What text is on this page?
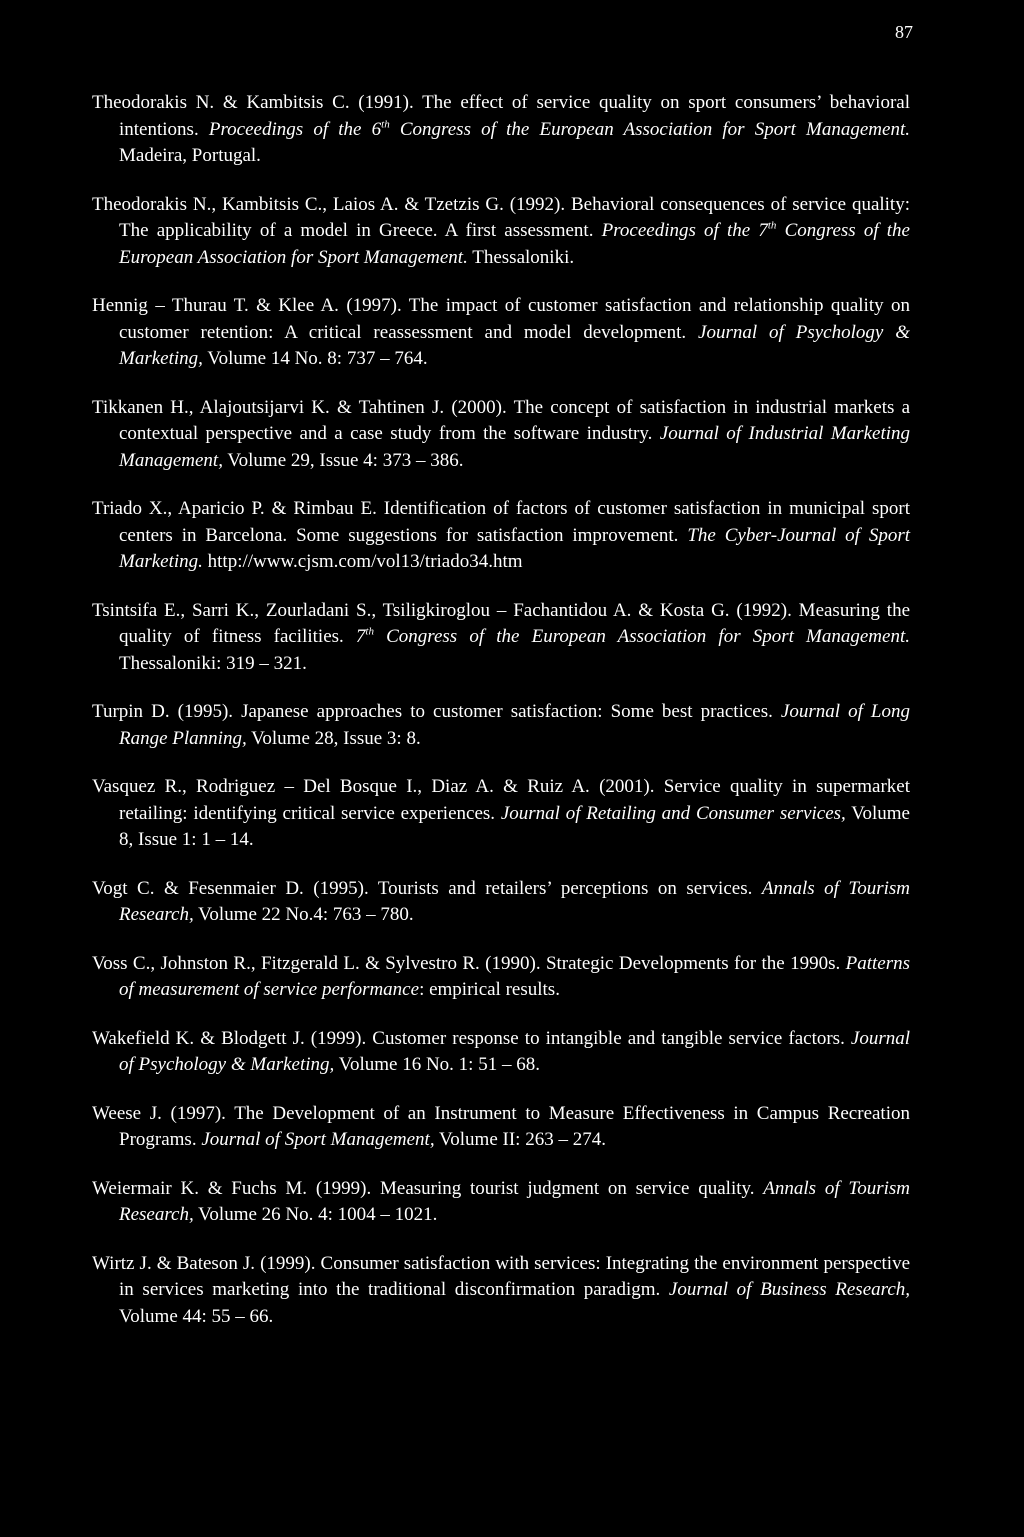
87

Theodorakis N. & Kambitsis C. (1991). The effect of service quality on sport consumers’ behavioral intentions. Proceedings of the 6th Congress of the European Association for Sport Management. Madeira, Portugal.

Theodorakis N., Kambitsis C., Laios A. & Tzetzis G. (1992). Behavioral consequences of service quality: The applicability of a model in Greece. A first assessment. Proceedings of the 7th Congress of the European Association for Sport Management. Thessaloniki.

Hennig – Thurau T. & Klee A. (1997). The impact of customer satisfaction and relationship quality on customer retention: A critical reassessment and model development. Journal of Psychology & Marketing, Volume 14 No. 8: 737 – 764.

Tikkanen H., Alajoutsijarvi K. & Tahtinen J. (2000). The concept of satisfaction in industrial markets a contextual perspective and a case study from the software industry. Journal of Industrial Marketing Management, Volume 29, Issue 4: 373 – 386.

Triado X., Aparicio P. & Rimbau E. Identification of factors of customer satisfaction in municipal sport centers in Barcelona. Some suggestions for satisfaction improvement. The Cyber-Journal of Sport Marketing. http://www.cjsm.com/vol13/triado34.htm

Tsintsifa E., Sarri K., Zourladani S., Tsiligkiroglou – Fachantidou A. & Kosta G. (1992). Measuring the quality of fitness facilities. 7th Congress of the European Association for Sport Management. Thessaloniki: 319 – 321.

Turpin D. (1995). Japanese approaches to customer satisfaction: Some best practices. Journal of Long Range Planning, Volume 28, Issue 3: 8.

Vasquez R., Rodriguez – Del Bosque I., Diaz A. & Ruiz A. (2001). Service quality in supermarket retailing: identifying critical service experiences. Journal of Retailing and Consumer services, Volume 8, Issue 1: 1 – 14.

Vogt C. & Fesenmaier D. (1995). Tourists and retailers’ perceptions on services. Annals of Tourism Research, Volume 22 No.4: 763 – 780.

Voss C., Johnston R., Fitzgerald L. & Sylvestro R. (1990). Strategic Developments for the 1990s. Patterns of measurement of service performance: empirical results.

Wakefield K. & Blodgett J. (1999). Customer response to intangible and tangible service factors. Journal of Psychology & Marketing, Volume 16 No. 1: 51 – 68.

Weese J. (1997). The Development of an Instrument to Measure Effectiveness in Campus Recreation Programs. Journal of Sport Management, Volume II: 263 – 274.

Weiermair K. & Fuchs M. (1999). Measuring tourist judgment on service quality. Annals of Tourism Research, Volume 26 No. 4: 1004 – 1021.

Wirtz J. & Bateson J. (1999). Consumer satisfaction with services: Integrating the environment perspective in services marketing into the traditional disconfirmation paradigm. Journal of Business Research, Volume 44: 55 – 66.
